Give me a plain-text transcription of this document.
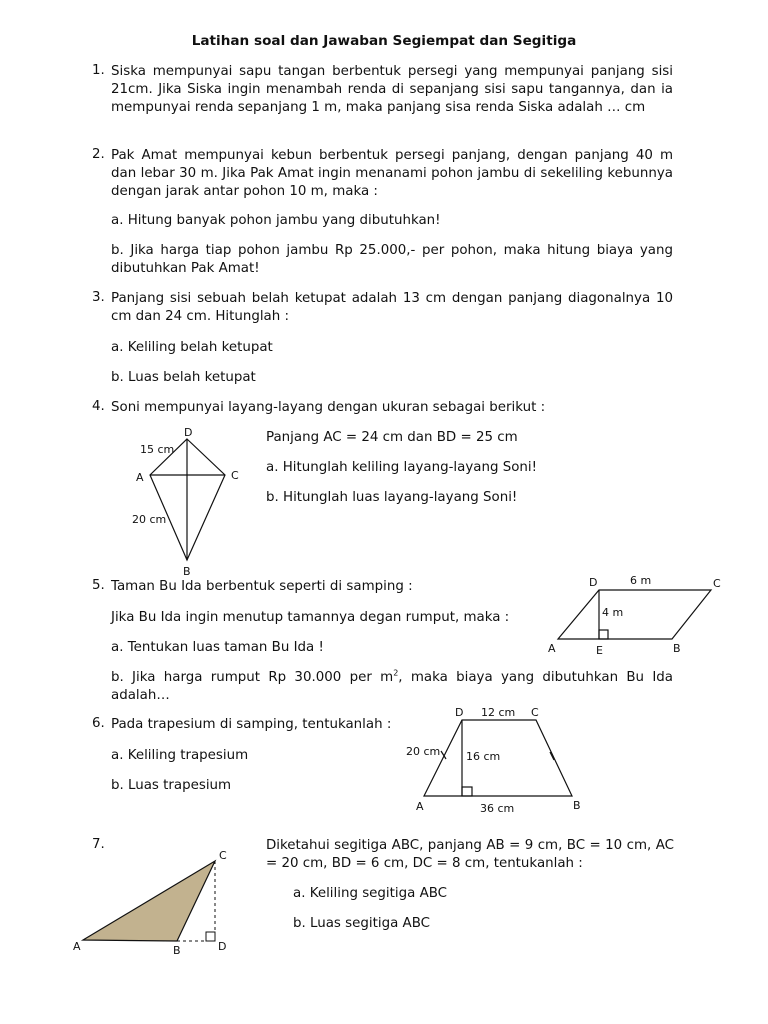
Latihan soal dan Jawaban Segiempat dan Segitiga
1. Siska mempunyai sapu tangan berbentuk persegi yang mempunyai panjang sisi 21cm. Jika Siska ingin menambah renda di sepanjang sisi sapu tangannya, dan ia mempunyai renda sepanjang 1 m, maka panjang sisa renda Siska adalah … cm
2. Pak Amat mempunyai kebun berbentuk persegi panjang, dengan panjang 40 m dan lebar 30 m. Jika Pak Amat ingin menanami pohon jambu di sekeliling kebunnya dengan jarak antar pohon 10 m, maka :
a. Hitung banyak pohon jambu yang dibutuhkan!
b. Jika harga tiap pohon jambu Rp 25.000,- per pohon, maka hitung biaya yang dibutuhkan Pak Amat!
3. Panjang sisi sebuah belah ketupat adalah 13 cm dengan panjang diagonalnya 10 cm dan 24 cm. Hitunglah :
a. Keliling belah ketupat
b. Luas belah ketupat
4. Soni mempunyai layang-layang dengan ukuran sebagai berikut :
Panjang AC = 24 cm dan BD = 25 cm
a. Hitunglah keliling layang-layang Soni!
b. Hitunglah luas layang-layang Soni!
D
A	C
B
15 cm
20 cm
5. Taman Bu Ida berbentuk seperti di samping :
Jika Bu Ida ingin menutup tamannya degan rumput, maka :
a. Tentukan luas taman Bu Ida !
b. Jika harga rumput Rp 30.000 per $m^2$, maka biaya yang dibutuhkan Bu Ida adalah…
D	6 m	C
4 m
A	E	B
6. Pada trapesium di samping, tentukanlah :
a. Keliling trapesium
b. Luas trapesium
D 12 cm C
20 cm 16 cm
A	36 cm	B
7.	Diketahui segitiga ABC, panjang AB = 9 cm, BC = 10 cm, AC = 20 cm, BD = 6 cm, DC = 8 cm, tentukanlah :
a. Keliling segitiga ABC
b. Luas segitiga ABC
C
A	B	D
